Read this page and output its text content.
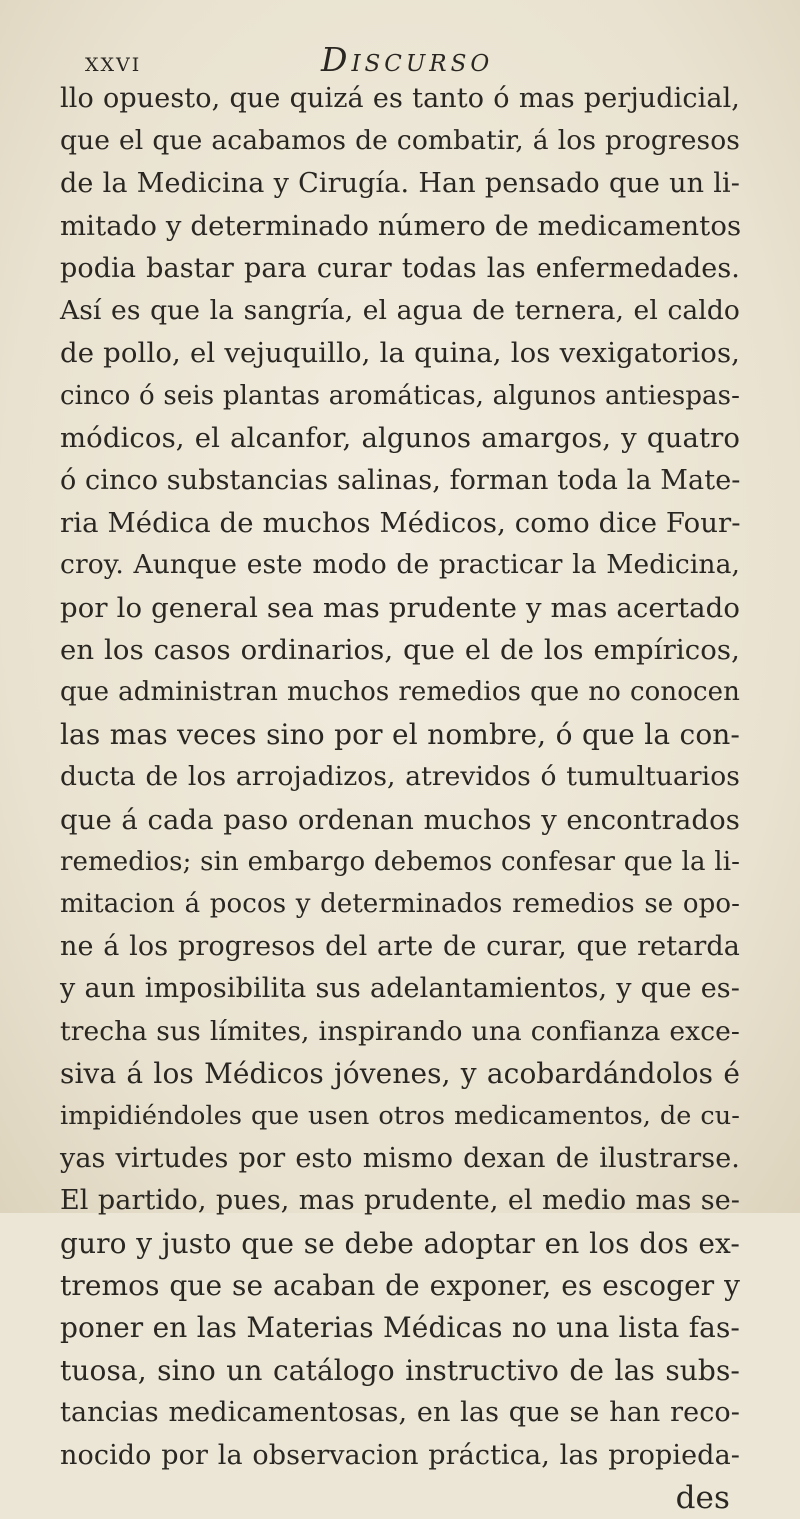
XXVI	DISCURSO
llo opuesto, que quizá es tanto ó mas perjudicial,
que el que acabamos de combatir, á los progresos
de la Medicina y Cirugía. Han pensado que un li-
mitado y determinado número de medicamentos
podia bastar para curar todas las enfermedades.
Así es que la sangría, el agua de ternera, el caldo
de pollo, el vejuquillo, la quina, los vexigatorios,
cinco ó seis plantas aromáticas, algunos antiespas-
módicos, el alcanfor, algunos amargos, y quatro
ó cinco substancias salinas, forman toda la Mate-
ria Médica de muchos Médicos, como dice Four-
croy. Aunque este modo de practicar la Medicina,
por lo general sea mas prudente y mas acertado
en los casos ordinarios, que el de los empíricos,
que administran muchos remedios que no conocen
las mas veces sino por el nombre, ó que la con-
ducta de los arrojadizos, atrevidos ó tumultuarios
que á cada paso ordenan muchos y encontrados
remedios; sin embargo debemos confesar que la li-
mitacion á pocos y determinados remedios se opo-
ne á los progresos del arte de curar, que retarda
y aun imposibilita sus adelantamientos, y que es-
trecha sus límites, inspirando una confianza exce-
siva á los Médicos jóvenes, y acobardándolos é
impidiéndoles que usen otros medicamentos, de cu-
yas virtudes por esto mismo dexan de ilustrarse.
El partido, pues, mas prudente, el medio mas se-
guro y justo que se debe adoptar en los dos ex-
tremos que se acaban de exponer, es escoger y
poner en las Materias Médicas no una lista fas-
tuosa, sino un catálogo instructivo de las subs-
tancias medicamentosas, en las que se han reco-
nocido por la observacion práctica, las propieda-
des
